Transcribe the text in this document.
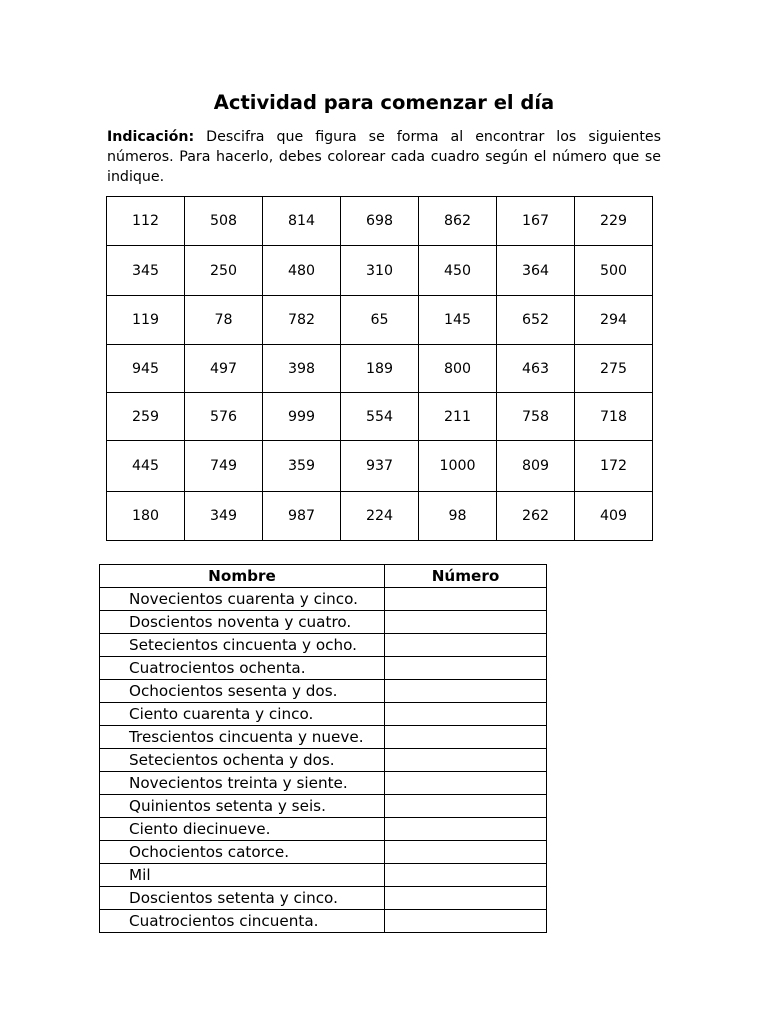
Actividad para comenzar el día

Indicación: Descifra que figura se forma al encontrar los siguientes números. Para hacerlo, debes colorear cada cuadro según el número que se indique.

112	508	814	698	862	167	229
345	250	480	310	450	364	500
119	78	782	65	145	652	294
945	497	398	189	800	463	275
259	576	999	554	211	758	718
445	749	359	937	1000	809	172
180	349	987	224	98	262	409
Nombre	Número
Novecientos cuarenta y cinco.	
Doscientos noventa y cuatro.	
Setecientos cincuenta y ocho.	
Cuatrocientos ochenta.	
Ochocientos sesenta y dos.	
Ciento cuarenta y cinco.	
Trescientos cincuenta y nueve.	
Setecientos ochenta y dos.	
Novecientos treinta y siente.	
Quinientos setenta y seis.	
Ciento diecinueve.	
Ochocientos catorce.	
Mil	
Doscientos setenta y cinco.	
Cuatrocientos cincuenta.	
